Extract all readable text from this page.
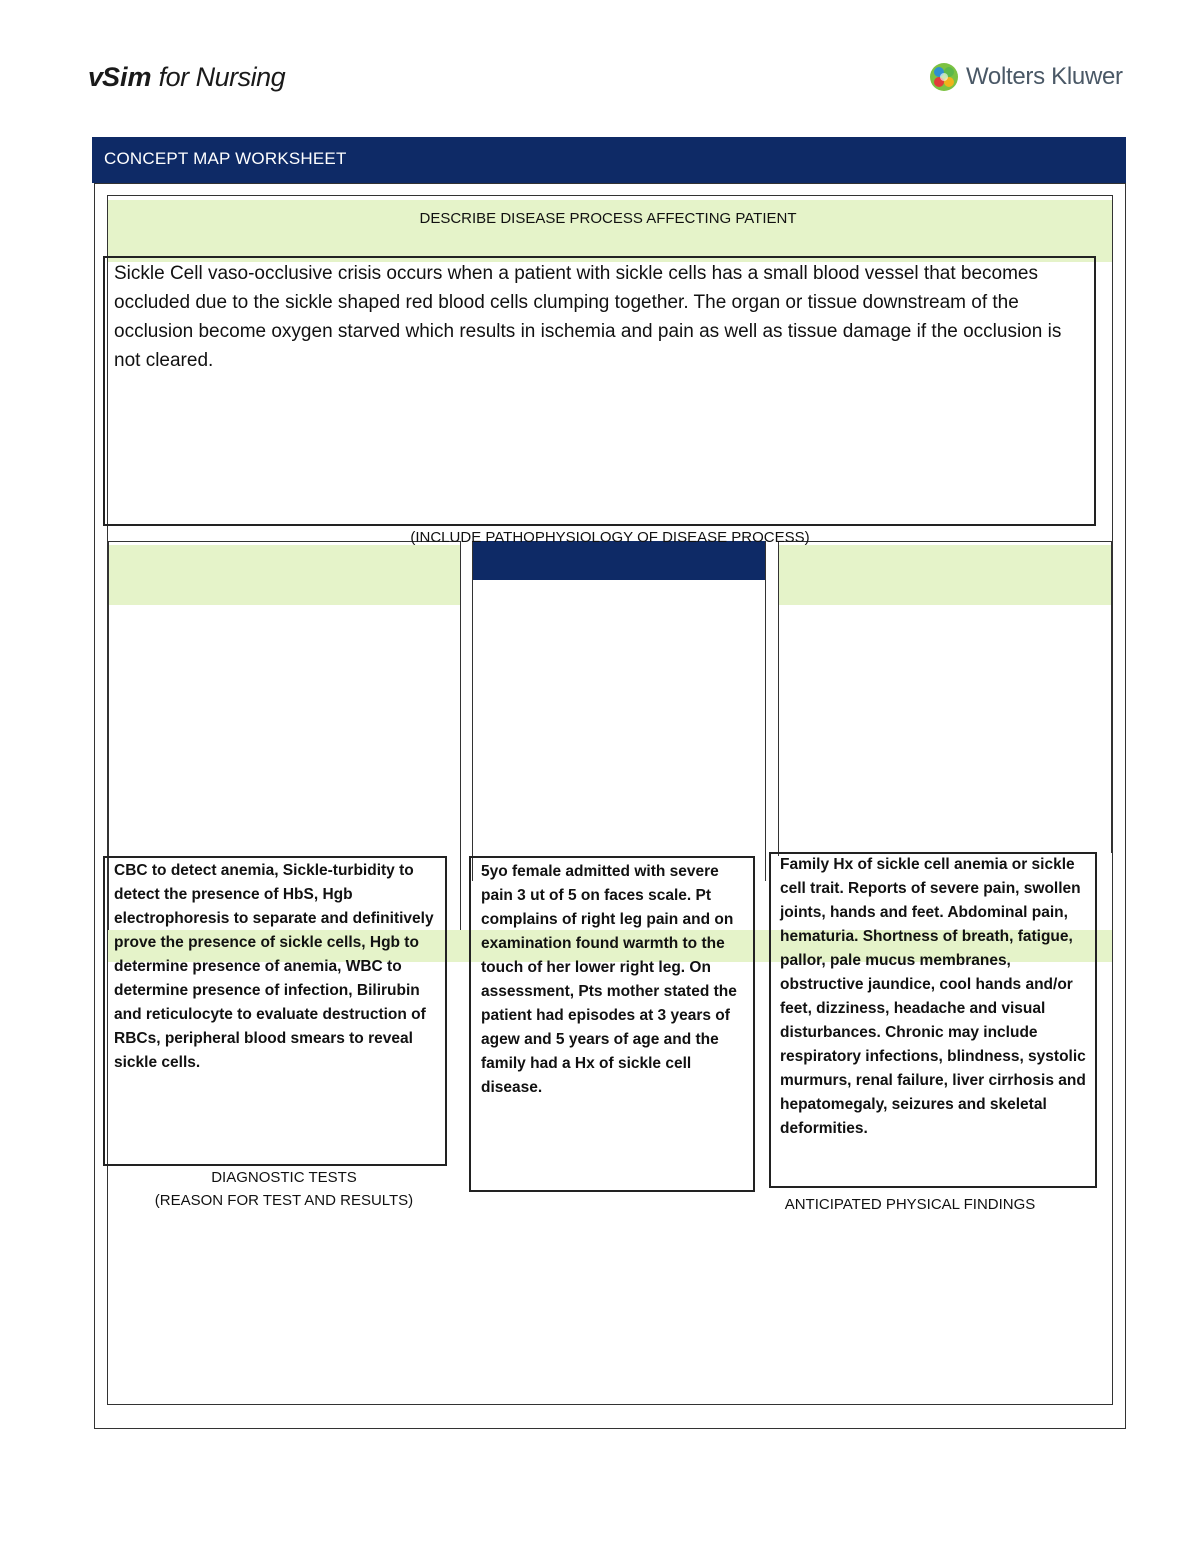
vSim for Nursing	Wolters Kluwer
CONCEPT MAP WORKSHEET
DESCRIBE DISEASE PROCESS AFFECTING PATIENT
Sickle Cell vaso-occlusive crisis occurs when a patient with sickle cells has a small blood vessel that becomes occluded due to the sickle shaped red blood cells clumping together. The organ or tissue downstream of the occlusion become oxygen starved which results in ischemia and pain as well as tissue damage if the occlusion is not cleared.
CBC to detect anemia, Sickle-turbidity to detect the presence of HbS, Hgb electrophoresis to separate and definitively prove the presence of sickle cells, Hgb to determine presence of anemia, WBC to determine presence of infection, Bilirubin and reticulocyte to evaluate destruction of RBCs, peripheral blood smears to reveal sickle cells.
5yo female admitted with severe pain 3 ut of 5 on faces scale. Pt complains of right leg pain and on examination found warmth to the touch of her lower right leg. On assessment, Pts mother stated the patient had episodes at 3 years of agew and 5 years of age and the family had a Hx of sickle cell disease.
Family Hx of sickle cell anemia or sickle cell trait. Reports of severe pain, swollen joints, hands and feet. Abdominal pain, hematuria. Shortness of breath, fatigue, pallor, pale mucus membranes, obstructive jaundice, cool hands and/or feet, dizziness, headache and visual disturbances. Chronic may include respiratory infections, blindness, systolic murmurs, renal failure, liver cirrhosis and hepatomegaly, seizures and skeletal deformities.
DIAGNOSTIC TESTS
(REASON FOR TEST AND RESULTS)	ANTICIPATED PHYSICAL FINDINGS
(INCLUDE PATHOPHYSIOLOGY OF DISEASE PROCESS)
